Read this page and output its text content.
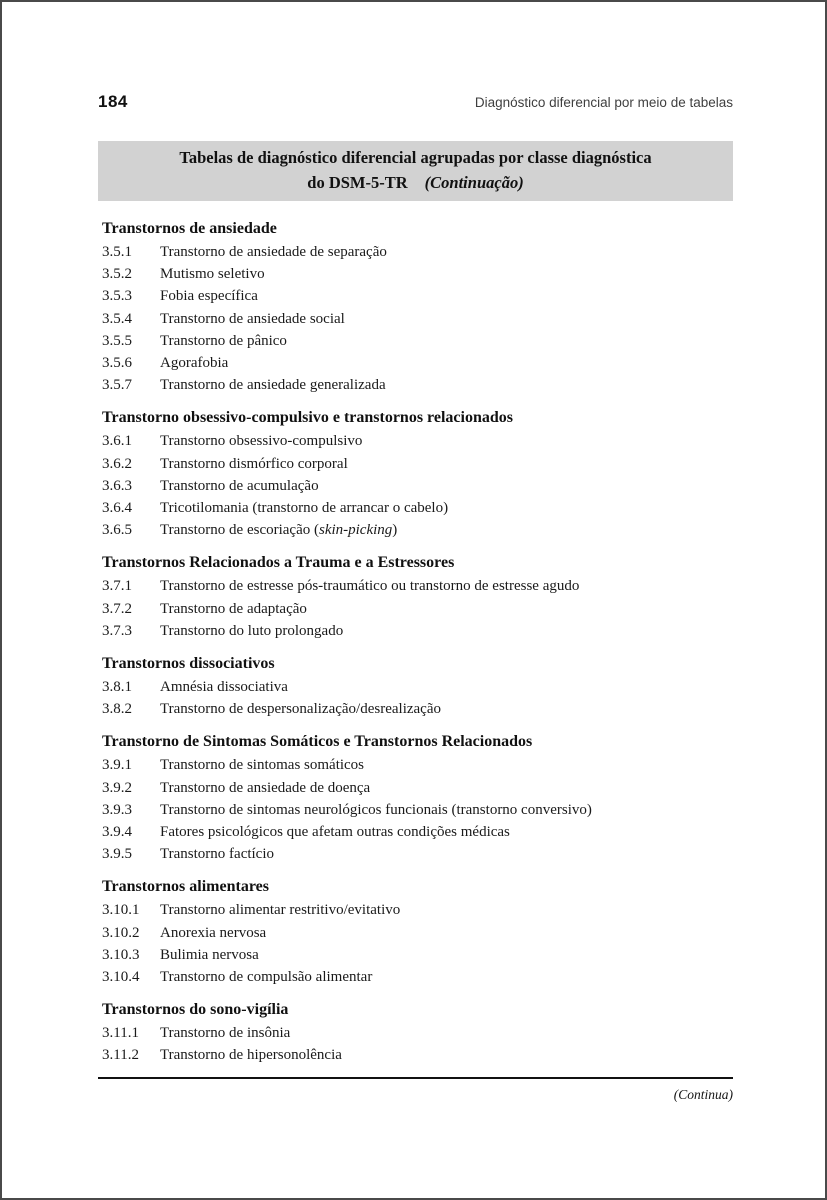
184	Diagnóstico diferencial por meio de tabelas
Tabelas de diagnóstico diferencial agrupadas por classe diagnóstica
do DSM-5-TR (Continuação)
Transtornos de ansiedade
3.5.1	Transtorno de ansiedade de separação
3.5.2	Mutismo seletivo
3.5.3	Fobia específica
3.5.4	Transtorno de ansiedade social
3.5.5	Transtorno de pânico
3.5.6	Agorafobia
3.5.7	Transtorno de ansiedade generalizada
Transtorno obsessivo-compulsivo e transtornos relacionados
3.6.1	Transtorno obsessivo-compulsivo
3.6.2	Transtorno dismórfico corporal
3.6.3	Transtorno de acumulação
3.6.4	Tricotilomania (transtorno de arrancar o cabelo)
3.6.5	Transtorno de escoriação (skin-picking)
Transtornos Relacionados a Trauma e a Estressores
3.7.1	Transtorno de estresse pós-traumático ou transtorno de estresse agudo
3.7.2	Transtorno de adaptação
3.7.3	Transtorno do luto prolongado
Transtornos dissociativos
3.8.1	Amnésia dissociativa
3.8.2	Transtorno de despersonalização/desrealização
Transtorno de Sintomas Somáticos e Transtornos Relacionados
3.9.1	Transtorno de sintomas somáticos
3.9.2	Transtorno de ansiedade de doença
3.9.3	Transtorno de sintomas neurológicos funcionais (transtorno conversivo)
3.9.4	Fatores psicológicos que afetam outras condições médicas
3.9.5	Transtorno factício
Transtornos alimentares
3.10.1	Transtorno alimentar restritivo/evitativo
3.10.2	Anorexia nervosa
3.10.3	Bulimia nervosa
3.10.4	Transtorno de compulsão alimentar
Transtornos do sono-vigília
3.11.1	Transtorno de insônia
3.11.2	Transtorno de hipersonolência
(Continua)
